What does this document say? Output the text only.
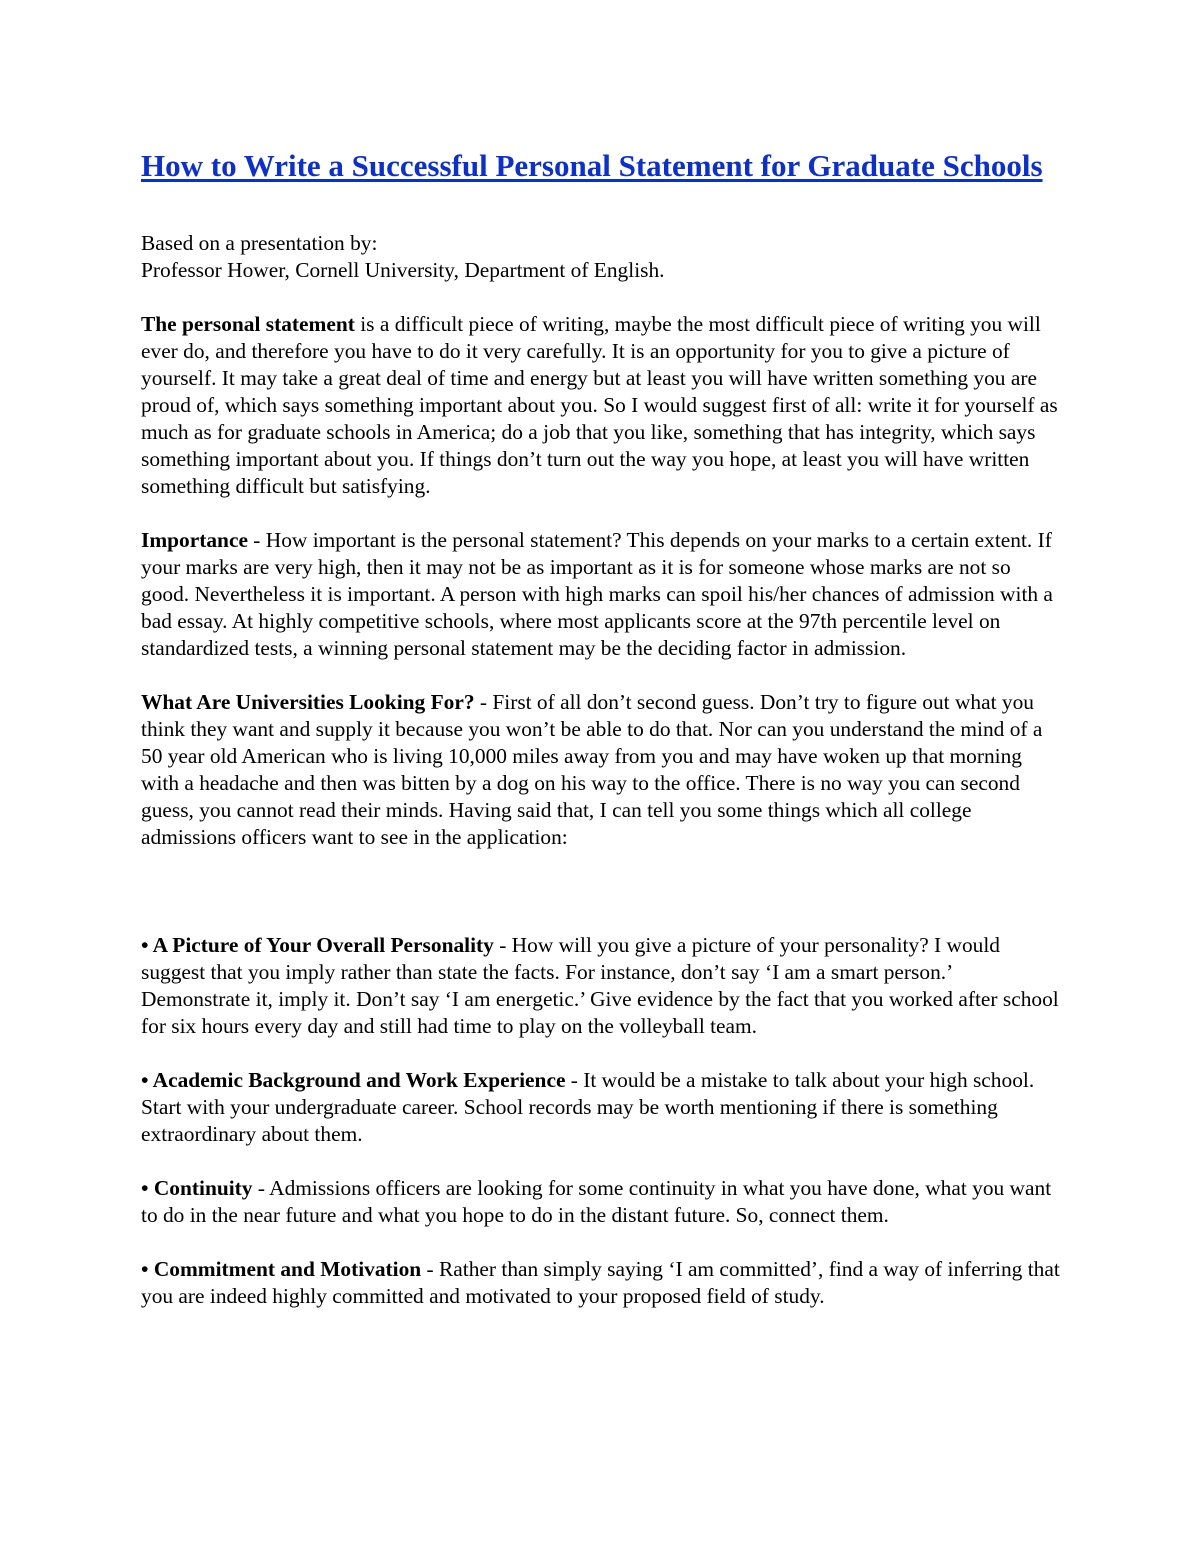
How to Write a Successful Personal Statement for Graduate Schools

Based on a presentation by:
Professor Hower, Cornell University, Department of English.

The personal statement is a difficult piece of writing, maybe the most difficult piece of writing you will ever do, and therefore you have to do it very carefully. It is an opportunity for you to give a picture of yourself. It may take a great deal of time and energy but at least you will have written something you are proud of, which says something important about you. So I would suggest first of all: write it for yourself as much as for graduate schools in America; do a job that you like, something that has integrity, which says something important about you. If things don’t turn out the way you hope, at least you will have written something difficult but satisfying.

Importance - How important is the personal statement? This depends on your marks to a certain extent. If your marks are very high, then it may not be as important as it is for someone whose marks are not so good. Nevertheless it is important. A person with high marks can spoil his/her chances of admission with a bad essay. At highly competitive schools, where most applicants score at the 97th percentile level on standardized tests, a winning personal statement may be the deciding factor in admission.

What Are Universities Looking For? - First of all don’t second guess. Don’t try to figure out what you think they want and supply it because you won’t be able to do that. Nor can you understand the mind of a 50 year old American who is living 10,000 miles away from you and may have woken up that morning with a headache and then was bitten by a dog on his way to the office. There is no way you can second guess, you cannot read their minds. Having said that, I can tell you some things which all college admissions officers want to see in the application:

• A Picture of Your Overall Personality - How will you give a picture of your personality? I would suggest that you imply rather than state the facts. For instance, don’t say ‘I am a smart person.’ Demonstrate it, imply it. Don’t say ‘I am energetic.’ Give evidence by the fact that you worked after school for six hours every day and still had time to play on the volleyball team.

• Academic Background and Work Experience - It would be a mistake to talk about your high school. Start with your undergraduate career. School records may be worth mentioning if there is something extraordinary about them.

• Continuity - Admissions officers are looking for some continuity in what you have done, what you want to do in the near future and what you hope to do in the distant future. So, connect them.

• Commitment and Motivation - Rather than simply saying ‘I am committed’, find a way of inferring that you are indeed highly committed and motivated to your proposed field of study.
